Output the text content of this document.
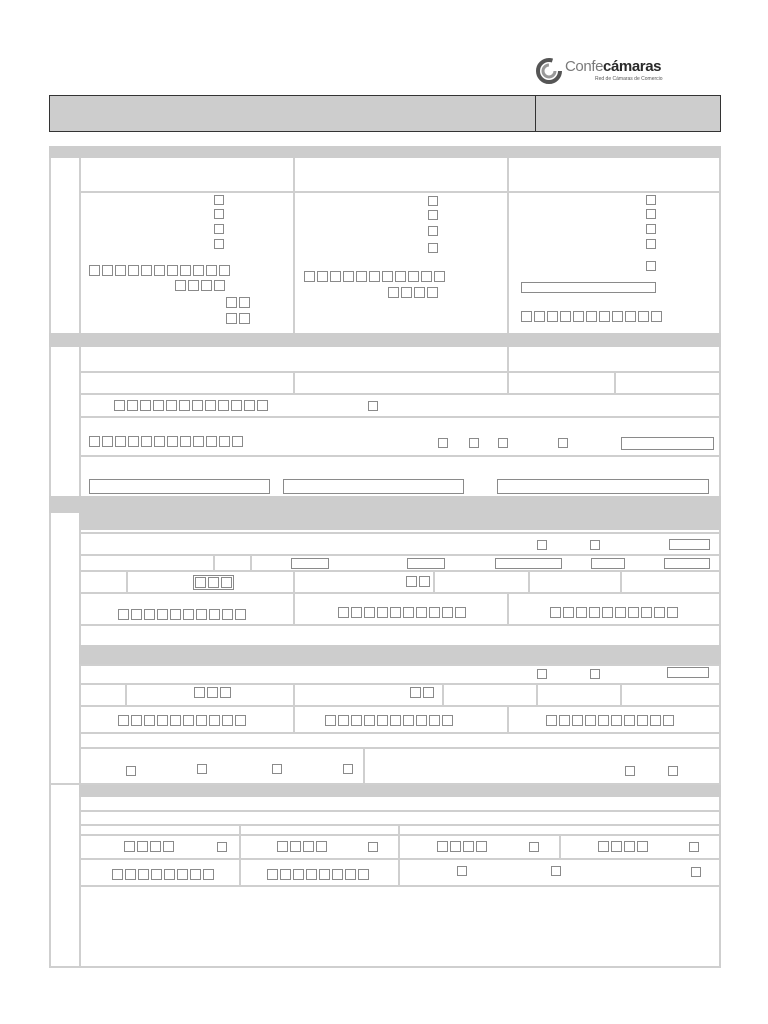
Confecámaras
Red de Cámaras de Comercio
